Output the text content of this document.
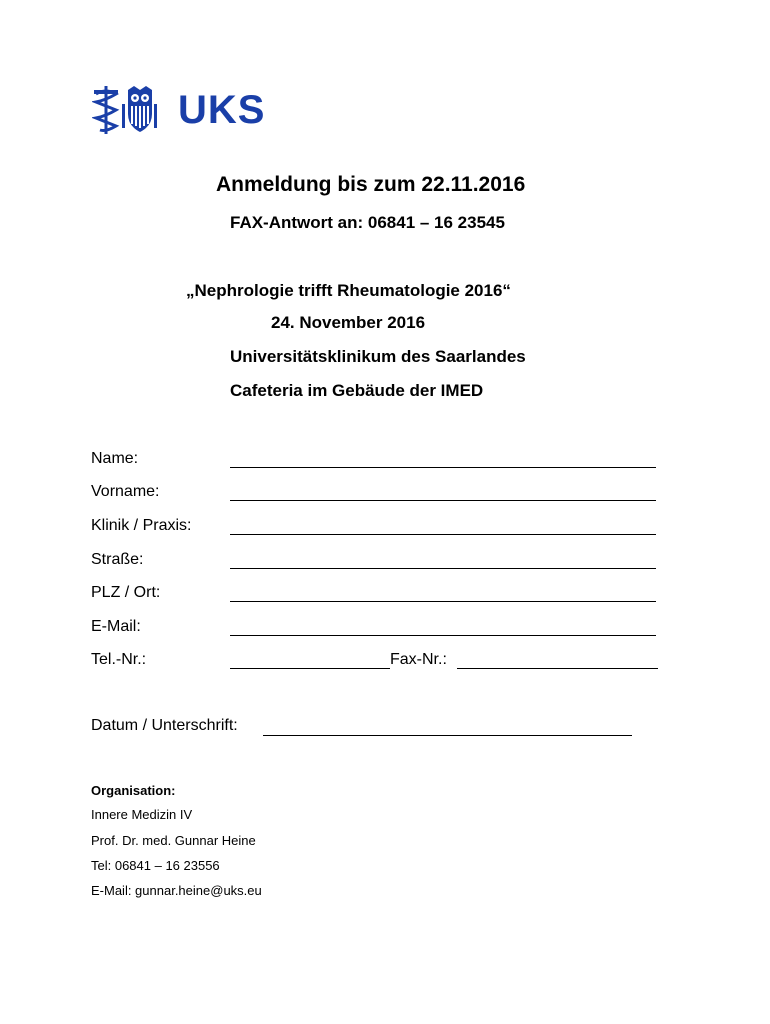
UKS
Anmeldung bis zum 22.11.2016
FAX-Antwort an: 06841 – 16 23545
„Nephrologie trifft Rheumatologie 2016“
24. November 2016
Universitätsklinikum des Saarlandes
Cafeteria im Gebäude der IMED
Name:
Vorname:
Klinik / Praxis:
Straße:
PLZ / Ort:
E-Mail:
Tel.-Nr.:	Fax-Nr.:
Datum / Unterschrift:
Organisation:
Innere Medizin IV
Prof. Dr. med. Gunnar Heine
Tel: 06841 – 16 23556
E-Mail: gunnar.heine@uks.eu
